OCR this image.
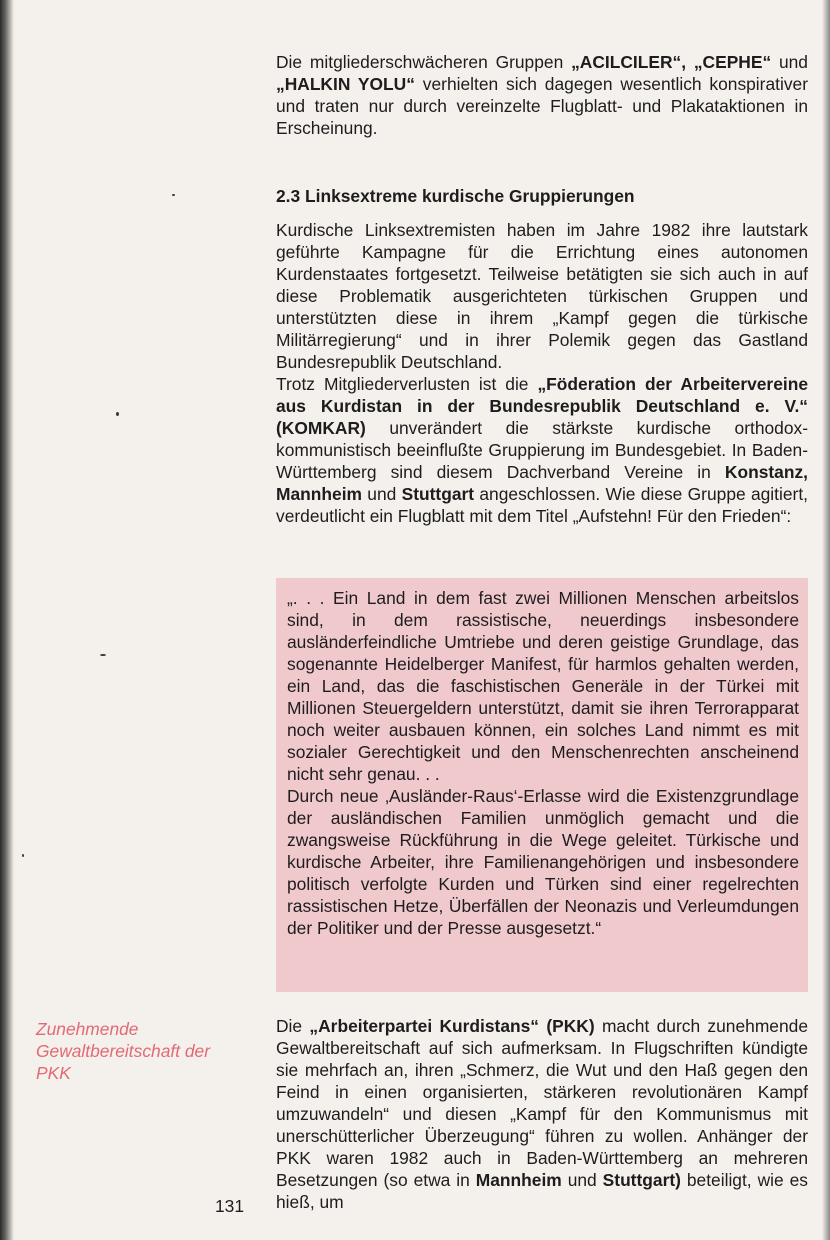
Die mitgliederschwächeren Gruppen „ACILCILER“, „CEPHE“ und „HALKIN YOLU“ verhielten sich dagegen wesentlich konspirativer und traten nur durch vereinzelte Flugblatt- und Plakataktionen in Erscheinung.

2.3 Linksextreme kurdische Gruppierungen

Kurdische Linksextremisten haben im Jahre 1982 ihre lautstark geführte Kampagne für die Errichtung eines autonomen Kurdenstaates fortgesetzt. Teilweise betätigten sie sich auch in auf diese Problematik ausgerichteten türkischen Gruppen und unterstützten diese in ihrem „Kampf gegen die türkische Militärregierung“ und in ihrer Polemik gegen das Gastland Bundesrepublik Deutschland.

Trotz Mitgliederverlusten ist die „Föderation der Arbeitervereine aus Kurdistan in der Bundesrepublik Deutschland e. V.“ (KOMKAR) unverändert die stärkste kurdische orthodox-kommunistisch beeinflußte Gruppierung im Bundesgebiet. In Baden-Württemberg sind diesem Dachverband Vereine in Konstanz, Mannheim und Stuttgart angeschlossen. Wie diese Gruppe agitiert, verdeutlicht ein Flugblatt mit dem Titel „Aufstehn! Für den Frieden“:

„. . . Ein Land in dem fast zwei Millionen Menschen arbeitslos sind, in dem rassistische, neuerdings insbesondere ausländerfeindliche Umtriebe und deren geistige Grundlage, das sogenannte Heidelberger Manifest, für harmlos gehalten werden, ein Land, das die faschistischen Generäle in der Türkei mit Millionen Steuergeldern unterstützt, damit sie ihren Terrorapparat noch weiter ausbauen können, ein solches Land nimmt es mit sozialer Gerechtigkeit und den Menschenrechten anscheinend nicht sehr genau. . .

Durch neue ‚Ausländer-Raus‘-Erlasse wird die Existenzgrundlage der ausländischen Familien unmöglich gemacht und die zwangsweise Rückführung in die Wege geleitet. Türkische und kurdische Arbeiter, ihre Familienangehörigen und insbesondere politisch verfolgte Kurden und Türken sind einer regelrechten rassistischen Hetze, Überfällen der Neonazis und Verleumdungen der Politiker und der Presse ausgesetzt.“

Zunehmende Gewaltbereitschaft der PKK

Die „Arbeiterpartei Kurdistans“ (PKK) macht durch zunehmende Gewaltbereitschaft auf sich aufmerksam. In Flugschriften kündigte sie mehrfach an, ihren „Schmerz, die Wut und den Haß gegen den Feind in einen organisierten, stärkeren revolutionären Kampf umzuwandeln“ und diesen „Kampf für den Kommunismus mit unerschütterlicher Überzeugung“ führen zu wollen. Anhänger der PKK waren 1982 auch in Baden-Württemberg an mehreren Besetzungen (so etwa in Mannheim und Stuttgart) beteiligt, wie es hieß, um

131
